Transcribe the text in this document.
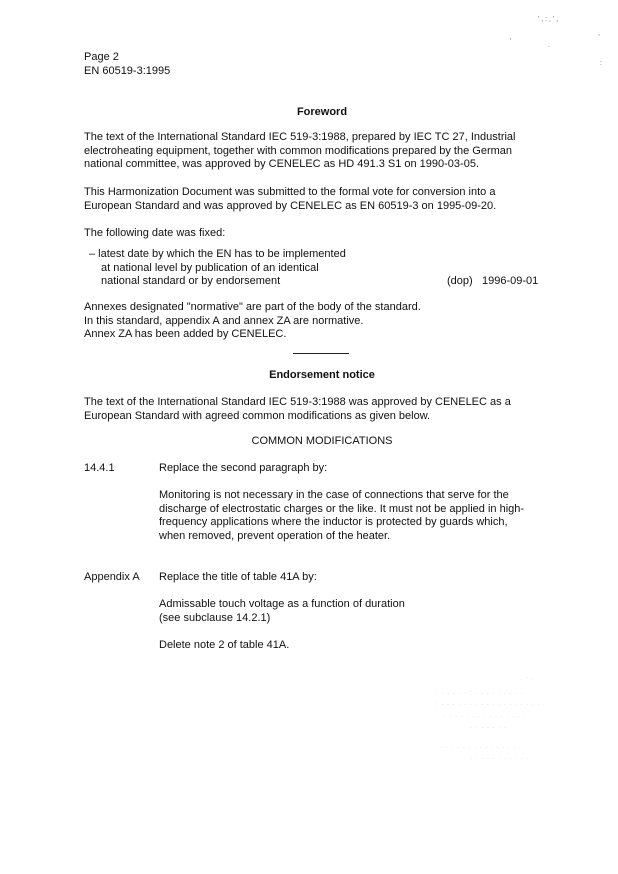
' , : , ' ,
,
'
.
:
Page 2
EN 60519-3:1995
Foreword
The text of the International Standard IEC 519-3:1988, prepared by IEC TC 27, Industrial
electroheating equipment, together with common modifications prepared by the German
national committee, was approved by CENELEC as HD 491.3 S1 on 1990-03-05.
This Harmonization Document was submitted to the formal vote for conversion into a
European Standard and was approved by CENELEC as EN 60519-3 on 1995-09-20.
The following date was fixed:
– latest date by which the EN has to be implemented
at national level by publication of an identical
national standard or by endorsement	(dop) 1996-09-01
Annexes designated "normative" are part of the body of the standard.
In this standard, appendix A and annex ZA are normative.
Annex ZA has been added by CENELEC.
Endorsement notice
The text of the International Standard IEC 519-3:1988 was approved by CENELEC as a
European Standard with agreed common modifications as given below.
COMMON MODIFICATIONS
14.4.1	Replace the second paragraph by:
Monitoring is not necessary in the case of connections that serve for the
discharge of electrostatic charges or the like. It must not be applied in high-
frequency applications where the inductor is protected by guards which,
when removed, prevent operation of the heater.
Appendix A Replace the title of table 41A by:
Admissable touch voltage as a function of duration
(see subclause 14.2.1)
Delete note 2 of table 41A.
· ' ·
· · · · · · : · · · · · · · · ·
: · · · · · · · · · · · · · · · · · ·
· · · · · · · · · · · · · · ·
· · · · · · ·
· · · · · · · · · · · · · ·
· · · · · · · · · · ·
